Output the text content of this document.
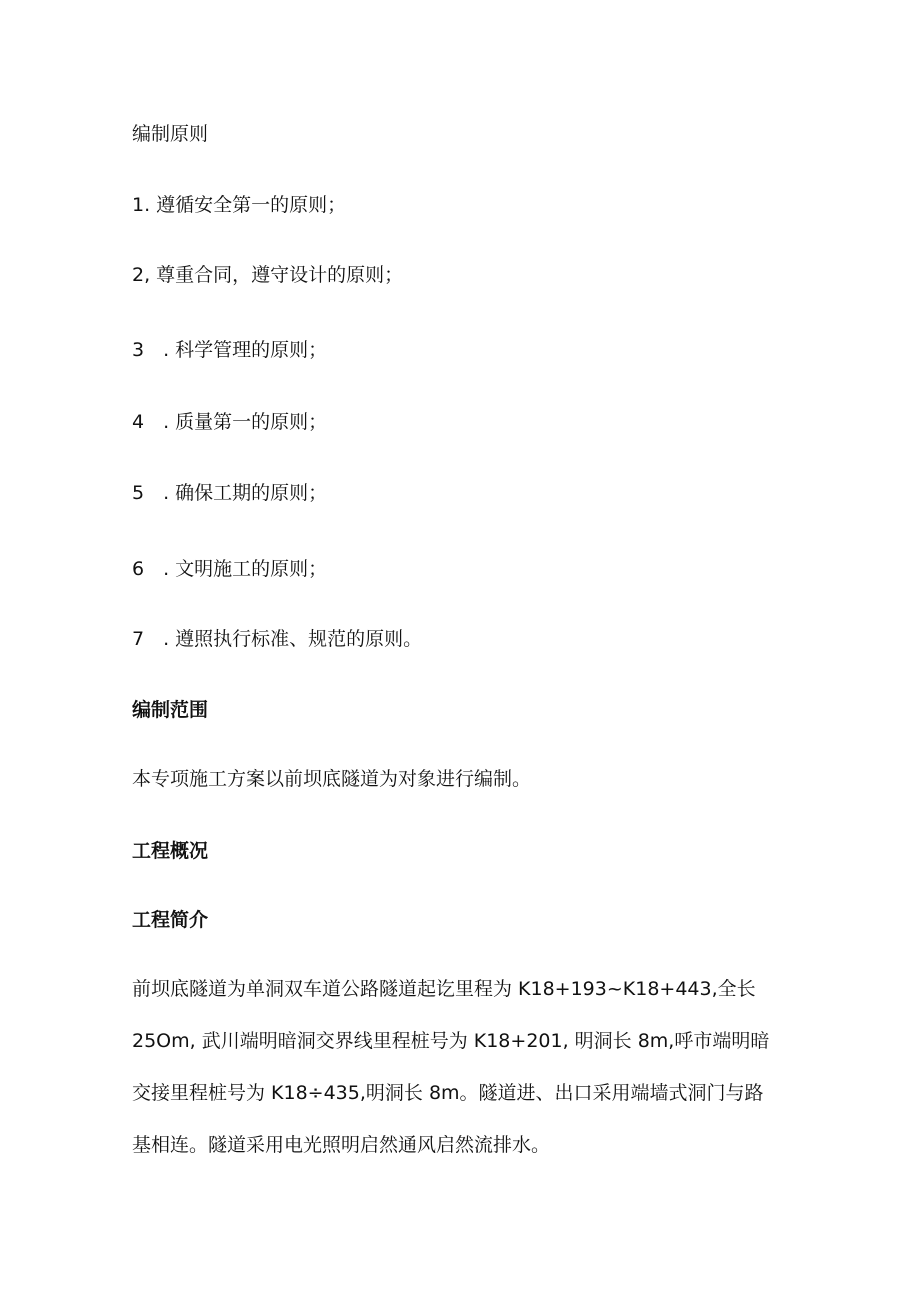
编制原则
1. 遵循安全第一的原则；
2, 尊重合同，遵守设计的原则；
3　. 科学管理的原则；
4　. 质量第一的原则；
5　. 确保工期的原则；
6　. 文明施工的原则；
7　. 遵照执行标准、规范的原则。
编制范围
本专项施工方案以前坝底隧道为对象进行编制。
工程概况
工程简介
前坝底隧道为单洞双车道公路隧道起讫里程为 K18+193~K18+443,全长
25Om, 武川端明暗洞交界线里程桩号为 K18+201, 明洞长 8m,呼市端明暗
交接里程桩号为 K18÷435,明洞长 8m。隧道进、出口采用端墙式洞门与路
基相连。隧道采用电光照明启然通风启然流排水。
